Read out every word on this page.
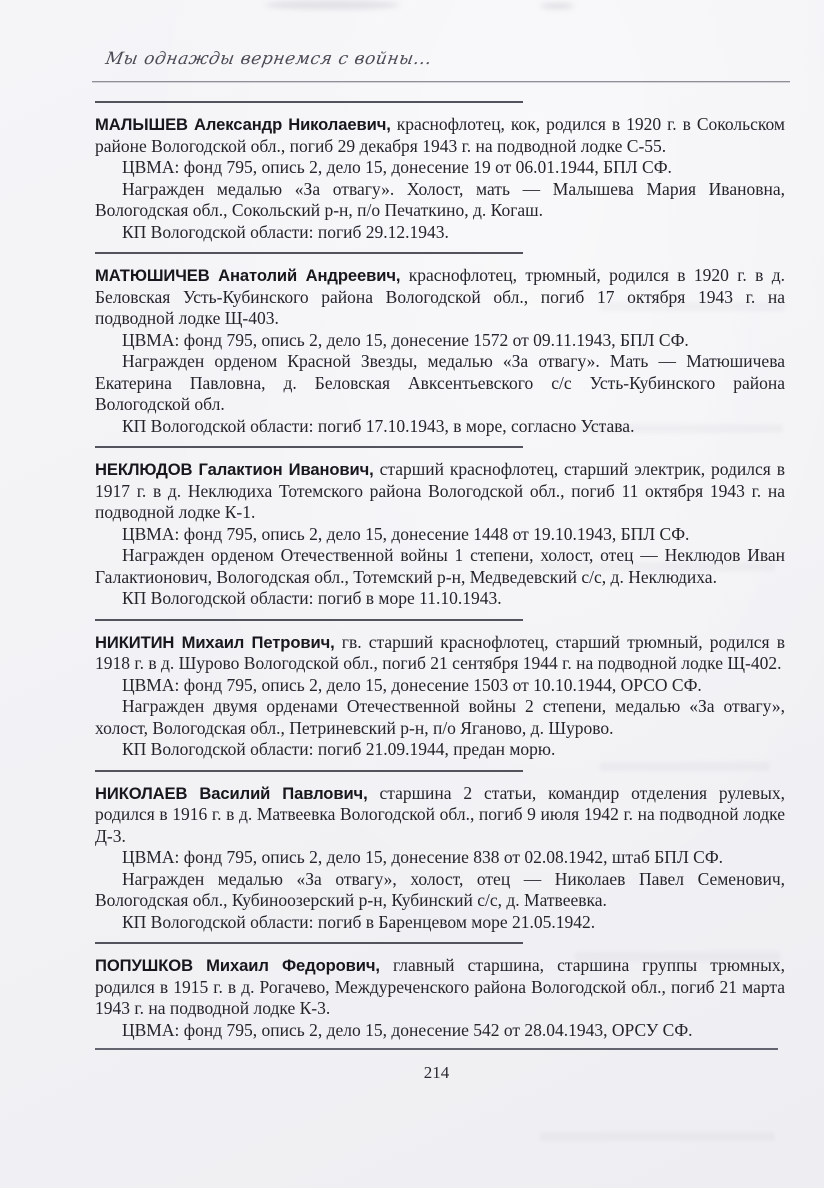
Мы однажды вернемся с войны...

МАЛЫШЕВ Александр Николаевич, краснофлотец, кок, родился в 1920 г. в Сокольском районе Вологодской обл., погиб 29 декабря 1943 г. на подводной лодке С-55.

ЦВМА: фонд 795, опись 2, дело 15, донесение 19 от 06.01.1944, БПЛ СФ.

Награжден медалью «За отвагу». Холост, мать — Малышева Мария Ивановна, Вологодская обл., Сокольский р-н, п/о Печаткино, д. Когаш.

КП Вологодской области: погиб 29.12.1943.

МАТЮШИЧЕВ Анатолий Андреевич, краснофлотец, трюмный, родился в 1920 г. в д. Беловская Усть-Кубинского района Вологодской обл., погиб 17 октября 1943 г. на подводной лодке Щ-403.

ЦВМА: фонд 795, опись 2, дело 15, донесение 1572 от 09.11.1943, БПЛ СФ.

Награжден орденом Красной Звезды, медалью «За отвагу». Мать — Матюшичева Екатерина Павловна, д. Беловская Авксентьевского с/с Усть-Кубинского района Вологодской обл.

КП Вологодской области: погиб 17.10.1943, в море, согласно Устава.

НЕКЛЮДОВ Галактион Иванович, старший краснофлотец, старший электрик, родился в 1917 г. в д. Неклюдиха Тотемского района Вологодской обл., погиб 11 октября 1943 г. на подводной лодке К-1.

ЦВМА: фонд 795, опись 2, дело 15, донесение 1448 от 19.10.1943, БПЛ СФ.

Награжден орденом Отечественной войны 1 степени, холост, отец — Неклюдов Иван Галактионович, Вологодская обл., Тотемский р-н, Медведевский с/с, д. Неклюдиха.

КП Вологодской области: погиб в море 11.10.1943.

НИКИТИН Михаил Петрович, гв. старший краснофлотец, старший трюмный, родился в 1918 г. в д. Шурово Вологодской обл., погиб 21 сентября 1944 г. на подводной лодке Щ-402.

ЦВМА: фонд 795, опись 2, дело 15, донесение 1503 от 10.10.1944, ОРСО СФ.

Награжден двумя орденами Отечественной войны 2 степени, медалью «За отвагу», холост, Вологодская обл., Петриневский р-н, п/о Яганово, д. Шурово.

КП Вологодской области: погиб 21.09.1944, предан морю.

НИКОЛАЕВ Василий Павлович, старшина 2 статьи, командир отделения рулевых, родился в 1916 г. в д. Матвеевка Вологодской обл., погиб 9 июля 1942 г. на подводной лодке Д-3.

ЦВМА: фонд 795, опись 2, дело 15, донесение 838 от 02.08.1942, штаб БПЛ СФ.

Награжден медалью «За отвагу», холост, отец — Николаев Павел Семенович, Вологодская обл., Кубиноозерский р-н, Кубинский с/с, д. Матвеевка.

КП Вологодской области: погиб в Баренцевом море 21.05.1942.

ПОПУШКОВ Михаил Федорович, главный старшина, старшина группы трюмных, родился в 1915 г. в д. Рогачево, Междуреченского района Вологодской обл., погиб 21 марта 1943 г. на подводной лодке К-3.

ЦВМА: фонд 795, опись 2, дело 15, донесение 542 от 28.04.1943, ОРСУ СФ.

214
